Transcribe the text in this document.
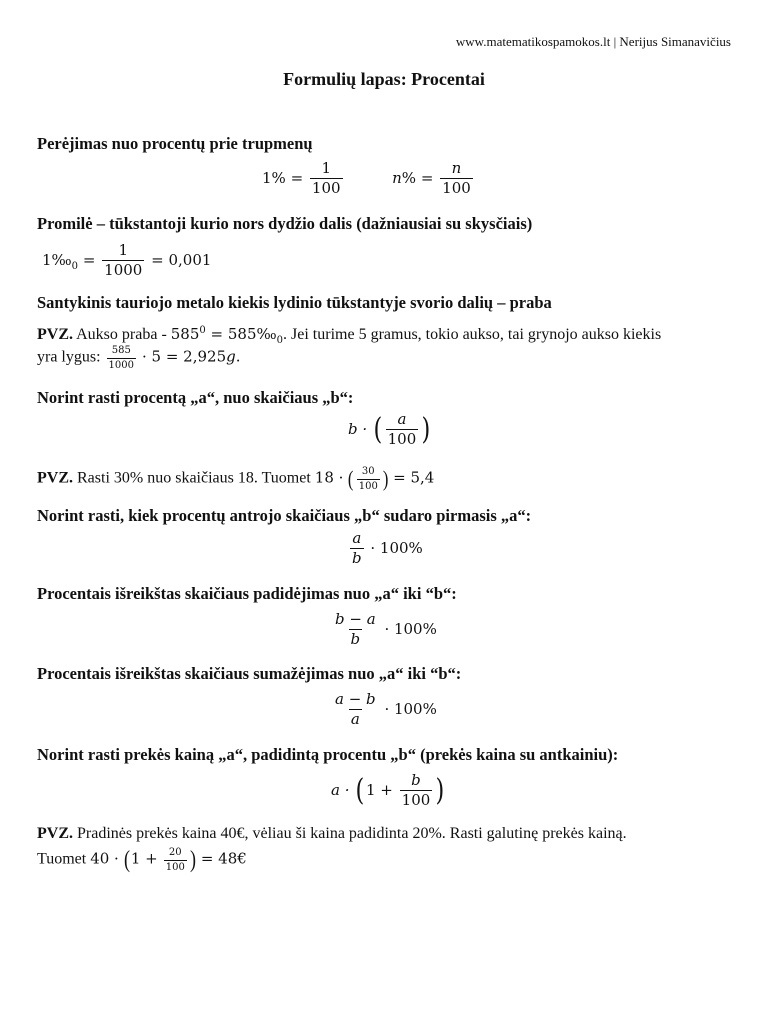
www.matematikospamokos.lt | Nerijus Simanavičius
Formulių lapas: Procentai
Perėjimas nuo procentų prie trupmenų
$1\% = \frac{1}{100}$	$n\% = \frac{n}{100}$
Promilė – tūkstantoji kurio nors dydžio dalis (dažniausiai su skysčiais)
$1‰_0 = \frac{1}{1000} = 0,001$
Santykinis tauriojo metalo kiekis lydinio tūkstantyje svorio dalių – praba
PVZ. Aukso praba - $585^0$ = $585‰_0$. Jei turime 5 gramus, tokio aukso, tai grynojo aukso kiekis
yra lygus: $\frac{585}{1000} \cdot 5 = 2,925g$.
Norint rasti procentą „a“, nuo skaičiaus „b“:
b · ( $\frac{a}{100}$ )
PVZ. Rasti 30% nuo skaičiaus 18. Tuomet 18 · ( $\frac{30}{100}$ ) = 5,4
Norint rasti, kiek procentų antrojo skaičiaus „b“ sudaro pirmasis „a“:
$\frac{a}{b} \cdot 100\%$
Procentais išreikštas skaičiaus padidėjimas nuo „a“ iki “b“:
$\frac{b - a}{b} \cdot 100\%$
Procentais išreikštas skaičiaus sumažėjimas nuo „a“ iki “b“:
$\frac{a - b}{a} \cdot 100\%$
Norint rasti prekės kainą „a“, padidintą procentu „b“ (prekės kaina su antkainiu):
$a \cdot (1 + \frac{b}{100}$ )
PVZ. Pradinės prekės kaina 40€, vėliau ši kaina padidinta 20%. Rasti galutinę prekės kainą.
Tuomet $40 \cdot (1 + \frac{20}{100}$ ) = 48€
